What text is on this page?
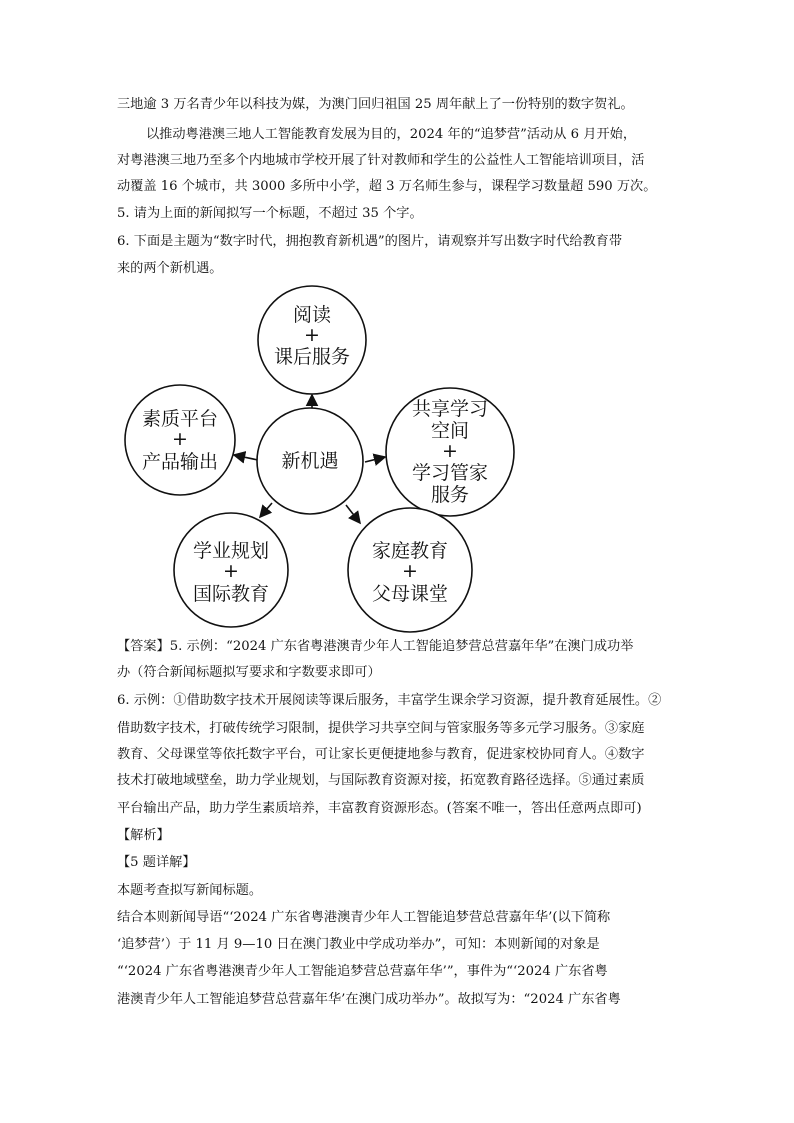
三地逾 3 万名青少年以科技为媒，为澳门回归祖国 25 周年献上了一份特别的数字贺礼。
以推动粤港澳三地人工智能教育发展为目的，2024 年的“追梦营”活动从 6 月开始，
对粤港澳三地乃至多个内地城市学校开展了针对教师和学生的公益性人工智能培训项目，活
动覆盖 16 个城市，共 3000 多所中小学，超 3 万名师生参与，课程学习数量超 590 万次。
5. 请为上面的新闻拟写一个标题，不超过 35 个字。
6. 下面是主题为“数字时代，拥抱教育新机遇”的图片，请观察并写出数字时代给教育带
来的两个新机遇。
新机遇
阅读
+
课后服务
素质平台
+
产品输出
共享学习
空间
+
学习管家
服务
学业规划
+
国际教育
家庭教育
+
父母课堂
【答案】5. 示例：“2024 广东省粤港澳青少年人工智能追梦营总营嘉年华”在澳门成功举
办（符合新闻标题拟写要求和字数要求即可）
6. 示例：①借助数字技术开展阅读等课后服务，丰富学生课余学习资源，提升教育延展性。②
借助数字技术，打破传统学习限制，提供学习共享空间与管家服务等多元学习服务。③家庭
教育、父母课堂等依托数字平台，可让家长更便捷地参与教育，促进家校协同育人。④数字
技术打破地域壁垒，助力学业规划，与国际教育资源对接，拓宽教育路径选择。⑤通过素质
平台输出产品，助力学生素质培养，丰富教育资源形态。(答案不唯一，答出任意两点即可)
【解析】
【5 题详解】
本题考查拟写新闻标题。
结合本则新闻导语“‘2024 广东省粤港澳青少年人工智能追梦营总营嘉年华’(以下简称
‘追梦营’）于 11 月 9—10 日在澳门教业中学成功举办”，可知：本则新闻的对象是
“‘2024 广东省粤港澳青少年人工智能追梦营总营嘉年华’”，事件为“‘2024 广东省粤
港澳青少年人工智能追梦营总营嘉年华’在澳门成功举办”。故拟写为：“2024 广东省粤
